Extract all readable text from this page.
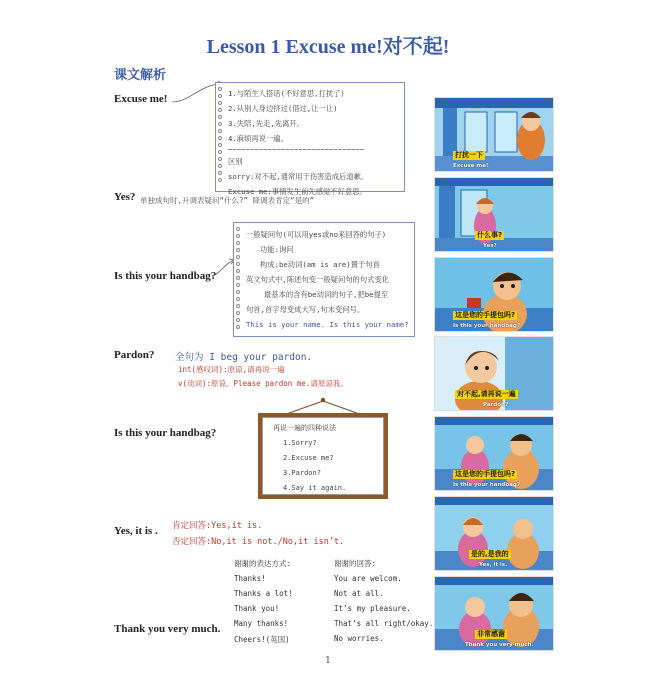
Lesson 1 Excuse me!对不起!
课文解析
Excuse me!
Yes? 单独成句时,升调表疑问“什么?” 降调表肯定“是的”
Is this your handbag?
Pardon?
Is this your handbag?
Yes, it is .
Thank you very much.
1.与陌生人搭话(不好意思,打扰了)
2.从别人身边挤过(借过,让一让)
3.失陪,先走,先离开。
4.麻烦再说一遍。
~~~~~~~~~~~~~~~~~~~~~~~~~~~~~~~
区别
sorry:对不起,通常用于伤害造成后道歉。
Excuse me:事情发生前先感觉不好意思。
一般疑问句(可以用yes或no来回答的句子)
功能:询问
构成:be动词(am is are)置于句首
英文句式中,陈述句变一般疑问句的句式变化
最基本的含有be动词的句子,把be提至
句首,首字母变成大写,句末变问号。
This is your name. Is this your name?
全句为 I beg your pardon.
int(感叹词):原谅,请再说一遍
v(动词):原谅。Please pardon me.请原谅我。
再说一遍的四种说法
1.Sorry?
2.Excuse me?
3.Pardon?
4.Say it again.
肯定回答:Yes,it is.
否定回答:No,it is not./No,it isn’t.
谢谢的表达方式:	谢谢的回答:
Thanks!
Thanks a lot!
Thank you!
Many thanks!
Cheers!(英国)
You are welcom.
Not at all.
It’s my pleasure.
That’s all right/okay.
No worries.
打扰一下
Excuse me!
什么事?
Yes?
这是您的手提包吗?
Is this your handbag?
对不起,请再说一遍
Pardon?
这是您的手提包吗?
Is this your handbag?
是的,是我的
Yes, it is.
非常感谢
Thank you very much.
1
